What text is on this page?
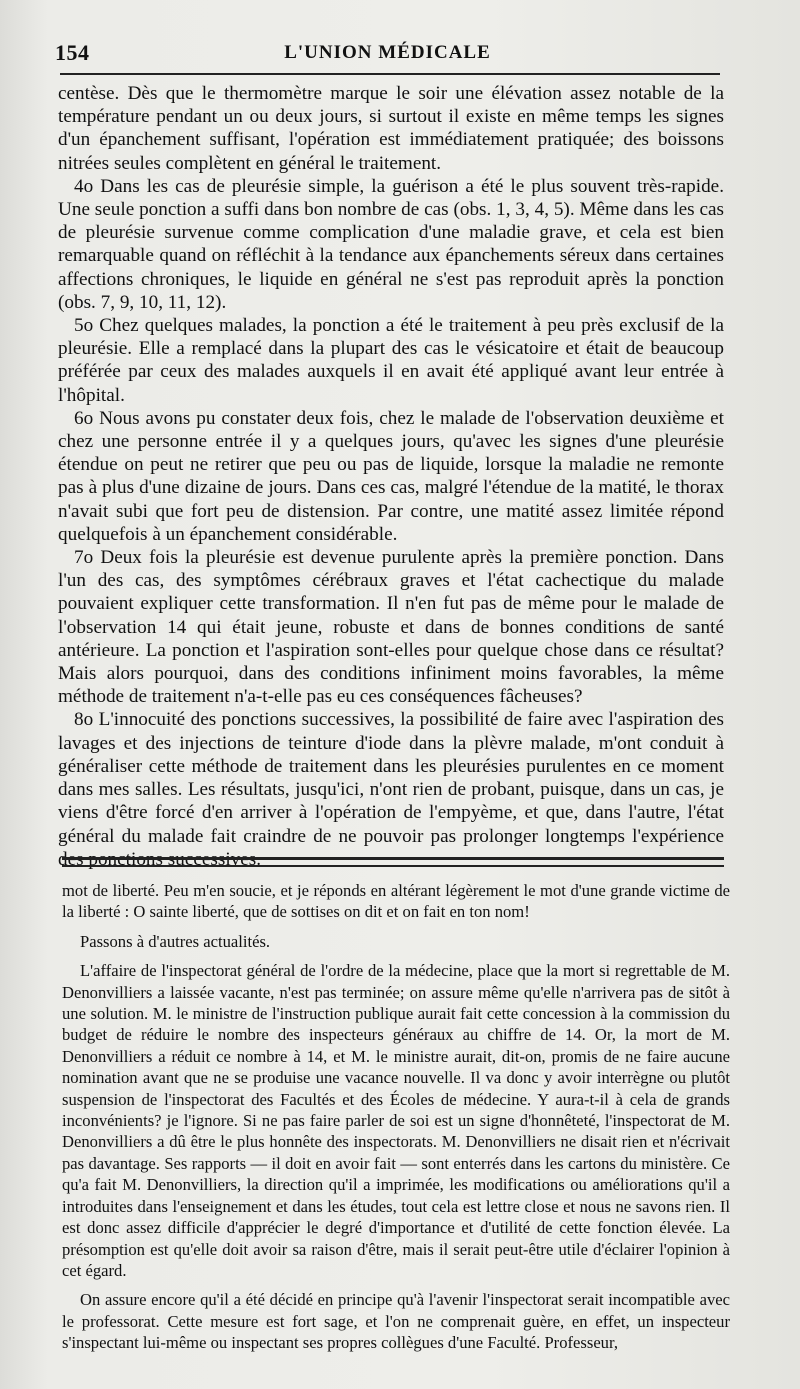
154	L'UNION MÉDICALE

centèse. Dès que le thermomètre marque le soir une élévation assez notable de la température pendant un ou deux jours, si surtout il existe en même temps les signes d'un épanchement suffisant, l'opération est immédiatement pratiquée; des boissons nitrées seules complètent en général le traitement.

4o Dans les cas de pleurésie simple, la guérison a été le plus souvent très-rapide. Une seule ponction a suffi dans bon nombre de cas (obs. 1, 3, 4, 5). Même dans les cas de pleurésie survenue comme complication d'une maladie grave, et cela est bien remarquable quand on réfléchit à la tendance aux épanchements séreux dans certaines affections chroniques, le liquide en général ne s'est pas reproduit après la ponction (obs. 7, 9, 10, 11, 12).

5o Chez quelques malades, la ponction a été le traitement à peu près exclusif de la pleurésie. Elle a remplacé dans la plupart des cas le vésicatoire et était de beaucoup préférée par ceux des malades auxquels il en avait été appliqué avant leur entrée à l'hôpital.

6o Nous avons pu constater deux fois, chez le malade de l'observation deuxième et chez une personne entrée il y a quelques jours, qu'avec les signes d'une pleurésie étendue on peut ne retirer que peu ou pas de liquide, lorsque la maladie ne remonte pas à plus d'une dizaine de jours. Dans ces cas, malgré l'étendue de la matité, le thorax n'avait subi que fort peu de distension. Par contre, une matité assez limitée répond quelquefois à un épanchement considérable.

7o Deux fois la pleurésie est devenue purulente après la première ponction. Dans l'un des cas, des symptômes cérébraux graves et l'état cachectique du malade pouvaient expliquer cette transformation. Il n'en fut pas de même pour le malade de l'observation 14 qui était jeune, robuste et dans de bonnes conditions de santé antérieure. La ponction et l'aspiration sont-elles pour quelque chose dans ce résultat? Mais alors pourquoi, dans des conditions infiniment moins favorables, la même méthode de traitement n'a-t-elle pas eu ces conséquences fâcheuses?

8o L'innocuité des ponctions successives, la possibilité de faire avec l'aspiration des lavages et des injections de teinture d'iode dans la plèvre malade, m'ont conduit à généraliser cette méthode de traitement dans les pleurésies purulentes en ce moment dans mes salles. Les résultats, jusqu'ici, n'ont rien de probant, puisque, dans un cas, je viens d'être forcé d'en arriver à l'opération de l'empyème, et que, dans l'autre, l'état général du malade fait craindre de ne pouvoir pas prolonger longtemps l'expérience des ponctions successives.

mot de liberté. Peu m'en soucie, et je réponds en altérant légèrement le mot d'une grande victime de la liberté : O sainte liberté, que de sottises on dit et on fait en ton nom!

Passons à d'autres actualités.

L'affaire de l'inspectorat général de l'ordre de la médecine, place que la mort si regrettable de M. Denonvilliers a laissée vacante, n'est pas terminée; on assure même qu'elle n'arrivera pas de sitôt à une solution. M. le ministre de l'instruction publique aurait fait cette concession à la commission du budget de réduire le nombre des inspecteurs généraux au chiffre de 14. Or, la mort de M. Denonvilliers a réduit ce nombre à 14, et M. le ministre aurait, dit-on, promis de ne faire aucune nomination avant que ne se produise une vacance nouvelle. Il va donc y avoir interrègne ou plutôt suspension de l'inspectorat des Facultés et des Écoles de médecine. Y aura-t-il à cela de grands inconvénients? je l'ignore. Si ne pas faire parler de soi est un signe d'honnêteté, l'inspectorat de M. Denonvilliers a dû être le plus honnête des inspectorats. M. Denonvilliers ne disait rien et n'écrivait pas davantage. Ses rapports — il doit en avoir fait — sont enterrés dans les cartons du ministère. Ce qu'a fait M. Denonvilliers, la direction qu'il a imprimée, les modifications ou améliorations qu'il a introduites dans l'enseignement et dans les études, tout cela est lettre close et nous ne savons rien. Il est donc assez difficile d'apprécier le degré d'importance et d'utilité de cette fonction élevée. La présomption est qu'elle doit avoir sa raison d'être, mais il serait peut-être utile d'éclairer l'opinion à cet égard.

On assure encore qu'il a été décidé en principe qu'à l'avenir l'inspectorat serait incompatible avec le professorat. Cette mesure est fort sage, et l'on ne comprenait guère, en effet, un inspecteur s'inspectant lui-même ou inspectant ses propres collègues d'une Faculté. Professeur,
